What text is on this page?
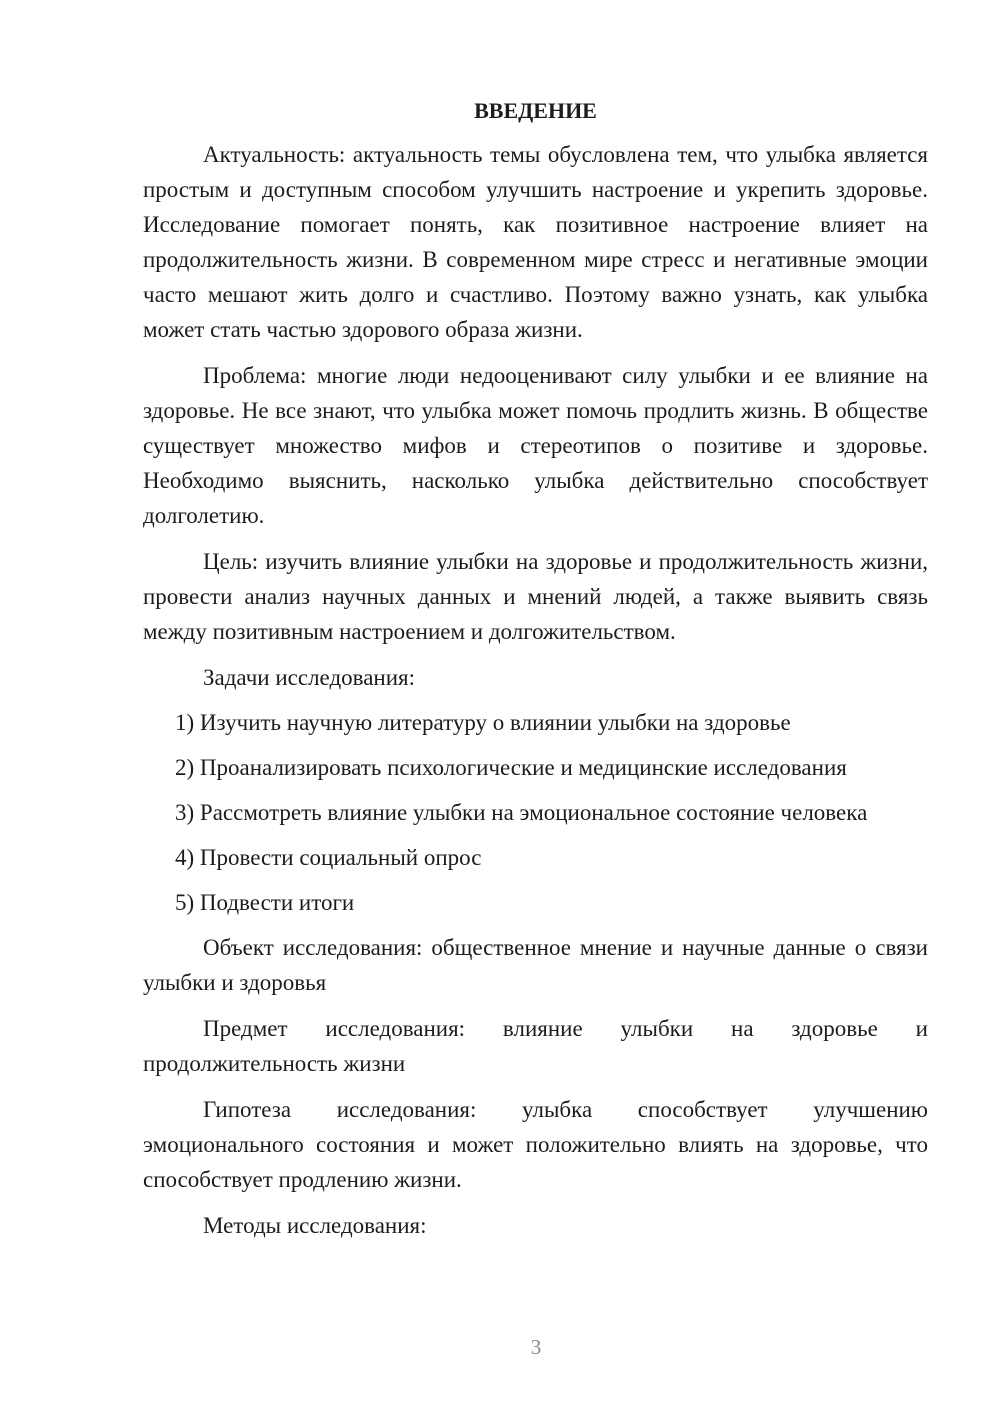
ВВЕДЕНИЕ

Актуальность: актуальность темы обусловлена тем, что улыбка является простым и доступным способом улучшить настроение и укрепить здоровье. Исследование помогает понять, как позитивное настроение влияет на продолжительность жизни. В современном мире стресс и негативные эмоции часто мешают жить долго и счастливо. Поэтому важно узнать, как улыбка может стать частью здорового образа жизни.

Проблема: многие люди недооценивают силу улыбки и ее влияние на здоровье. Не все знают, что улыбка может помочь продлить жизнь. В обществе существует множество мифов и стереотипов о позитиве и здоровье. Необходимо выяснить, насколько улыбка действительно способствует долголетию.

Цель: изучить влияние улыбки на здоровье и продолжительность жизни, провести анализ научных данных и мнений людей, а также выявить связь между позитивным настроением и долгожительством.

Задачи исследования:

1) Изучить научную литературу о влиянии улыбки на здоровье
2) Проанализировать психологические и медицинские исследования
3) Рассмотреть влияние улыбки на эмоциональное состояние человека
4) Провести социальный опрос
5) Подвести итоги

Объект исследования: общественное мнение и научные данные о связи улыбки и здоровья

Предмет исследования: влияние улыбки на здоровье и продолжительность жизни

Гипотеза исследования: улыбка способствует улучшению эмоционального состояния и может положительно влиять на здоровье, что способствует продлению жизни.

Методы исследования:

3
